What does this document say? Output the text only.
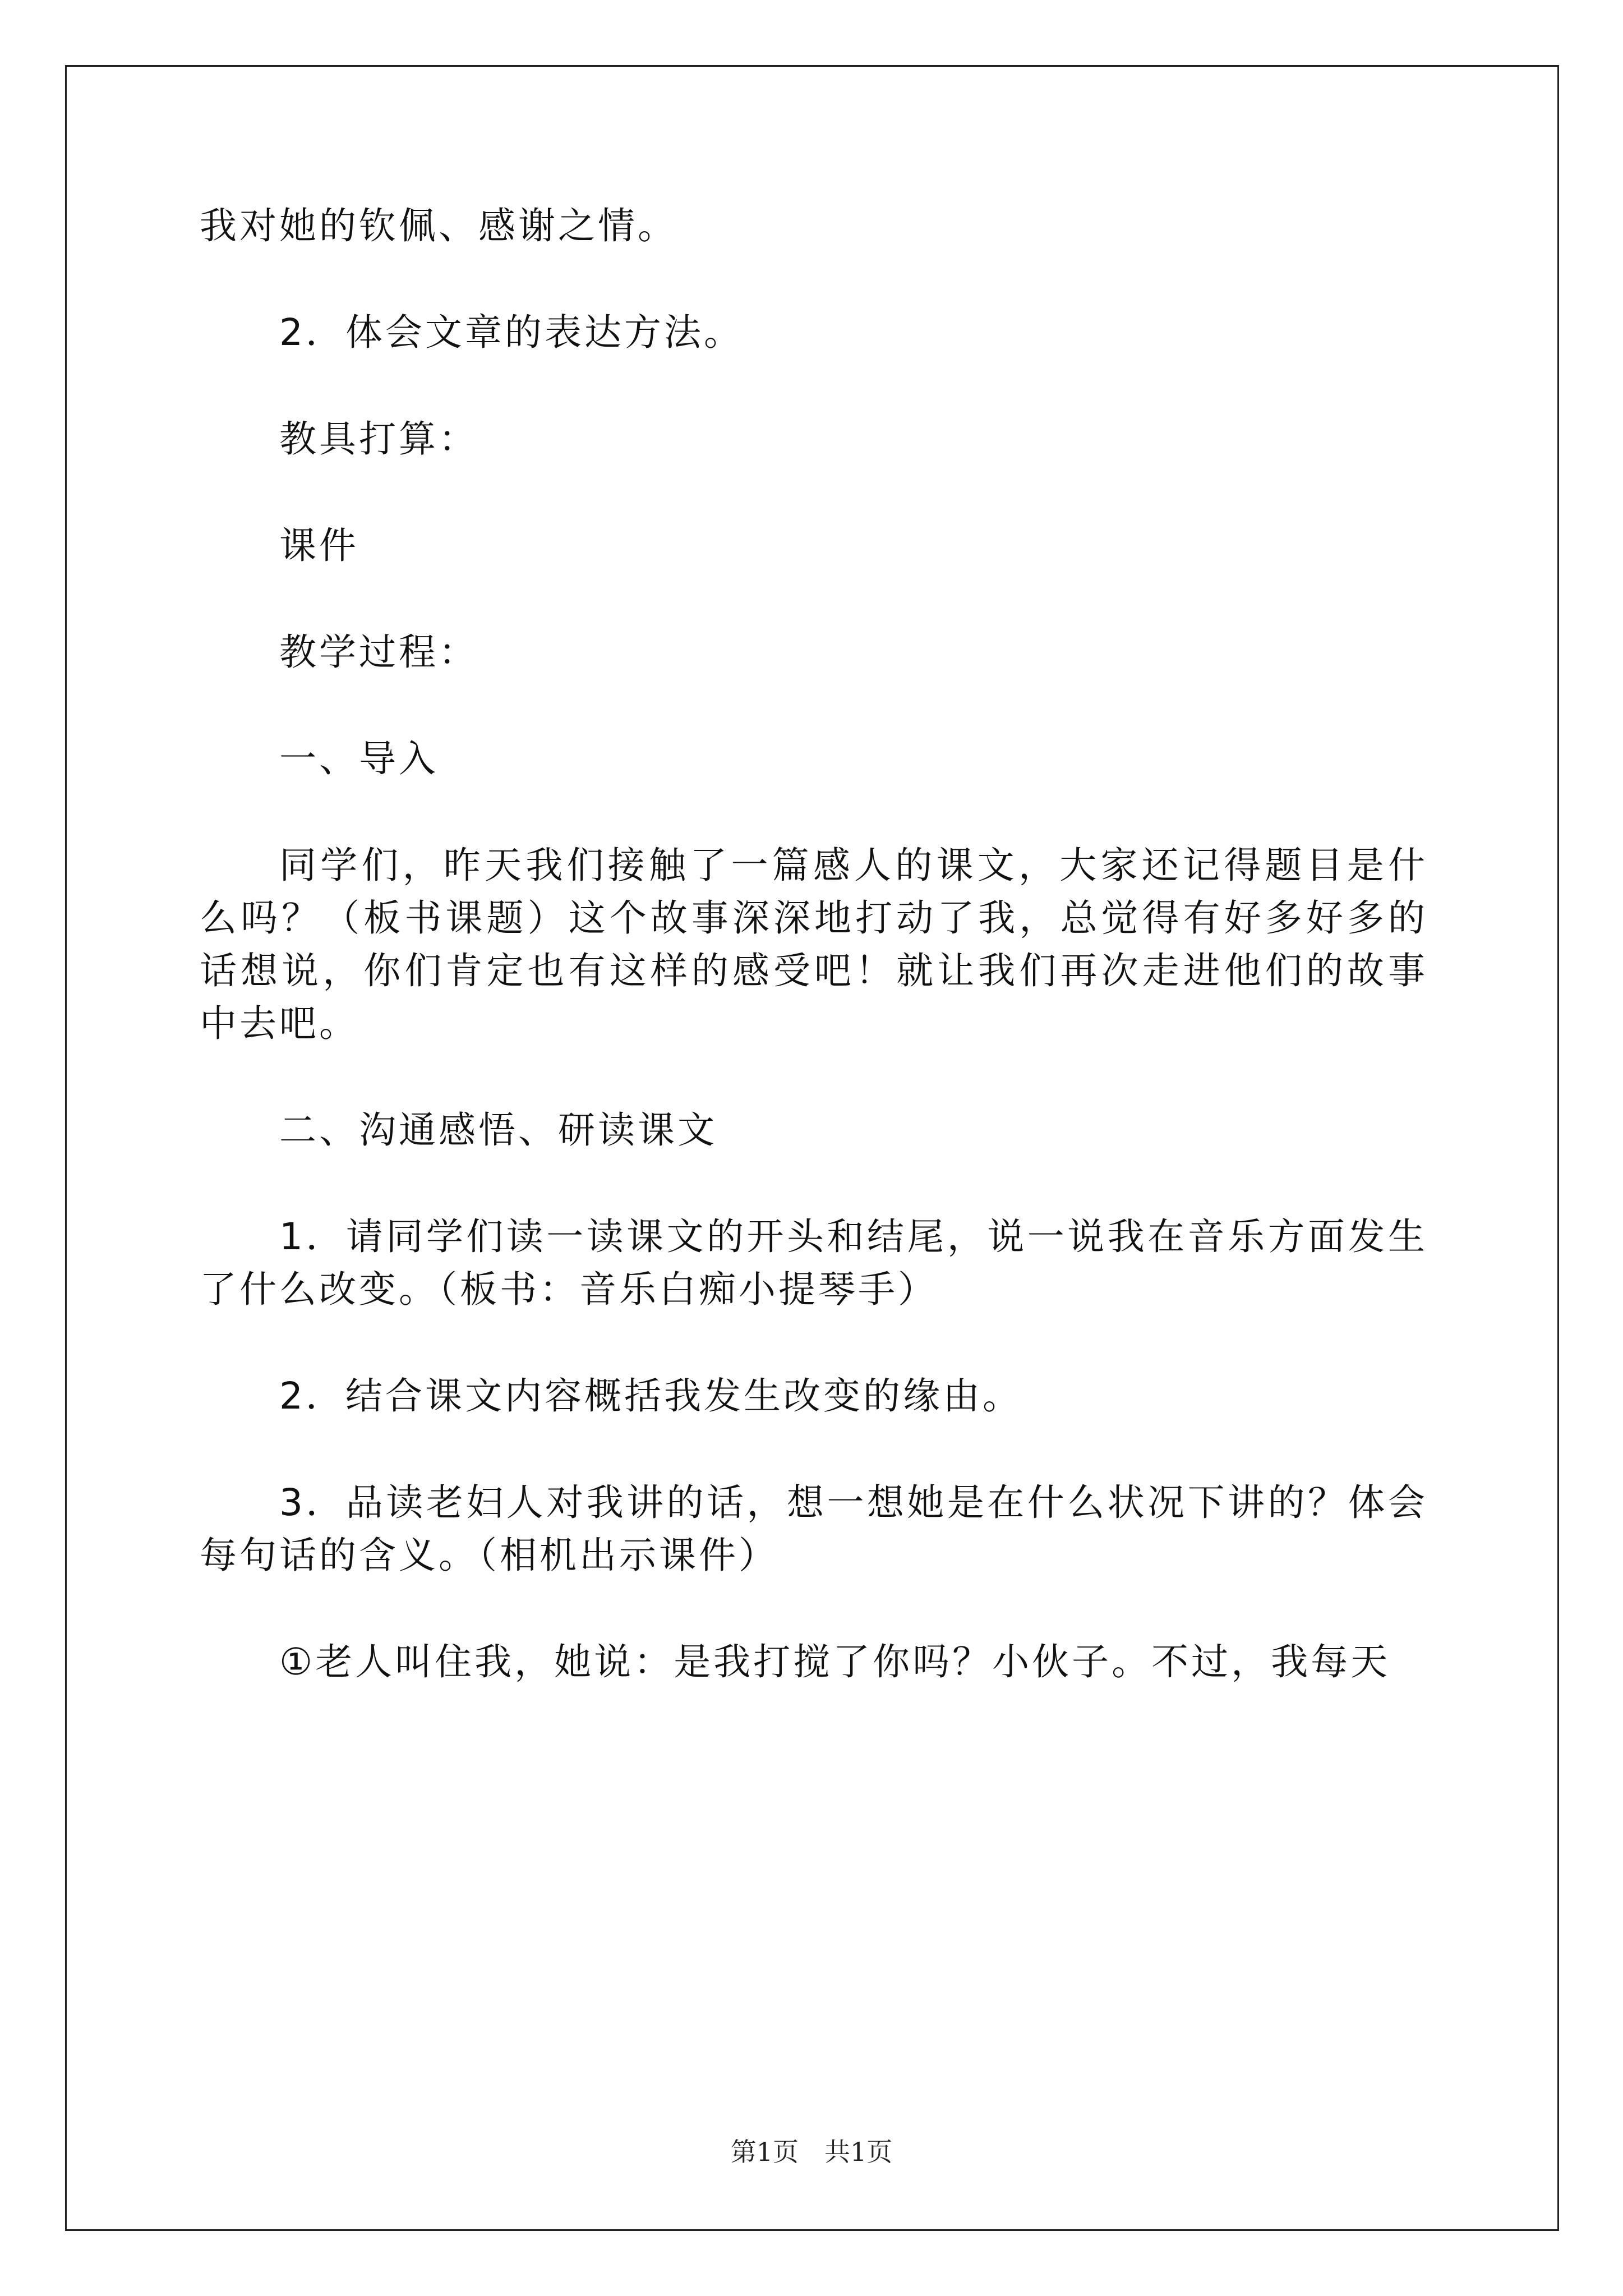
我对她的钦佩、感谢之情。

2．体会文章的表达方法。

教具打算：

课件

教学过程：

一、导入

同学们，昨天我们接触了一篇感人的课文，大家还记得题目是什么吗？（板书课题）这个故事深深地打动了我，总觉得有好多好多的话想说，你们肯定也有这样的感受吧！就让我们再次走进他们的故事中去吧。

二、沟通感悟、研读课文

1．请同学们读一读课文的开头和结尾，说一说我在音乐方面发生了什么改变。（板书：音乐白痴小提琴手）

2．结合课文内容概括我发生改变的缘由。

3．品读老妇人对我讲的话，想一想她是在什么状况下讲的？体会每句话的含义。（相机出示课件）

①老人叫住我，她说：是我打搅了你吗？小伙子。不过，我每天

第1页 共1页
